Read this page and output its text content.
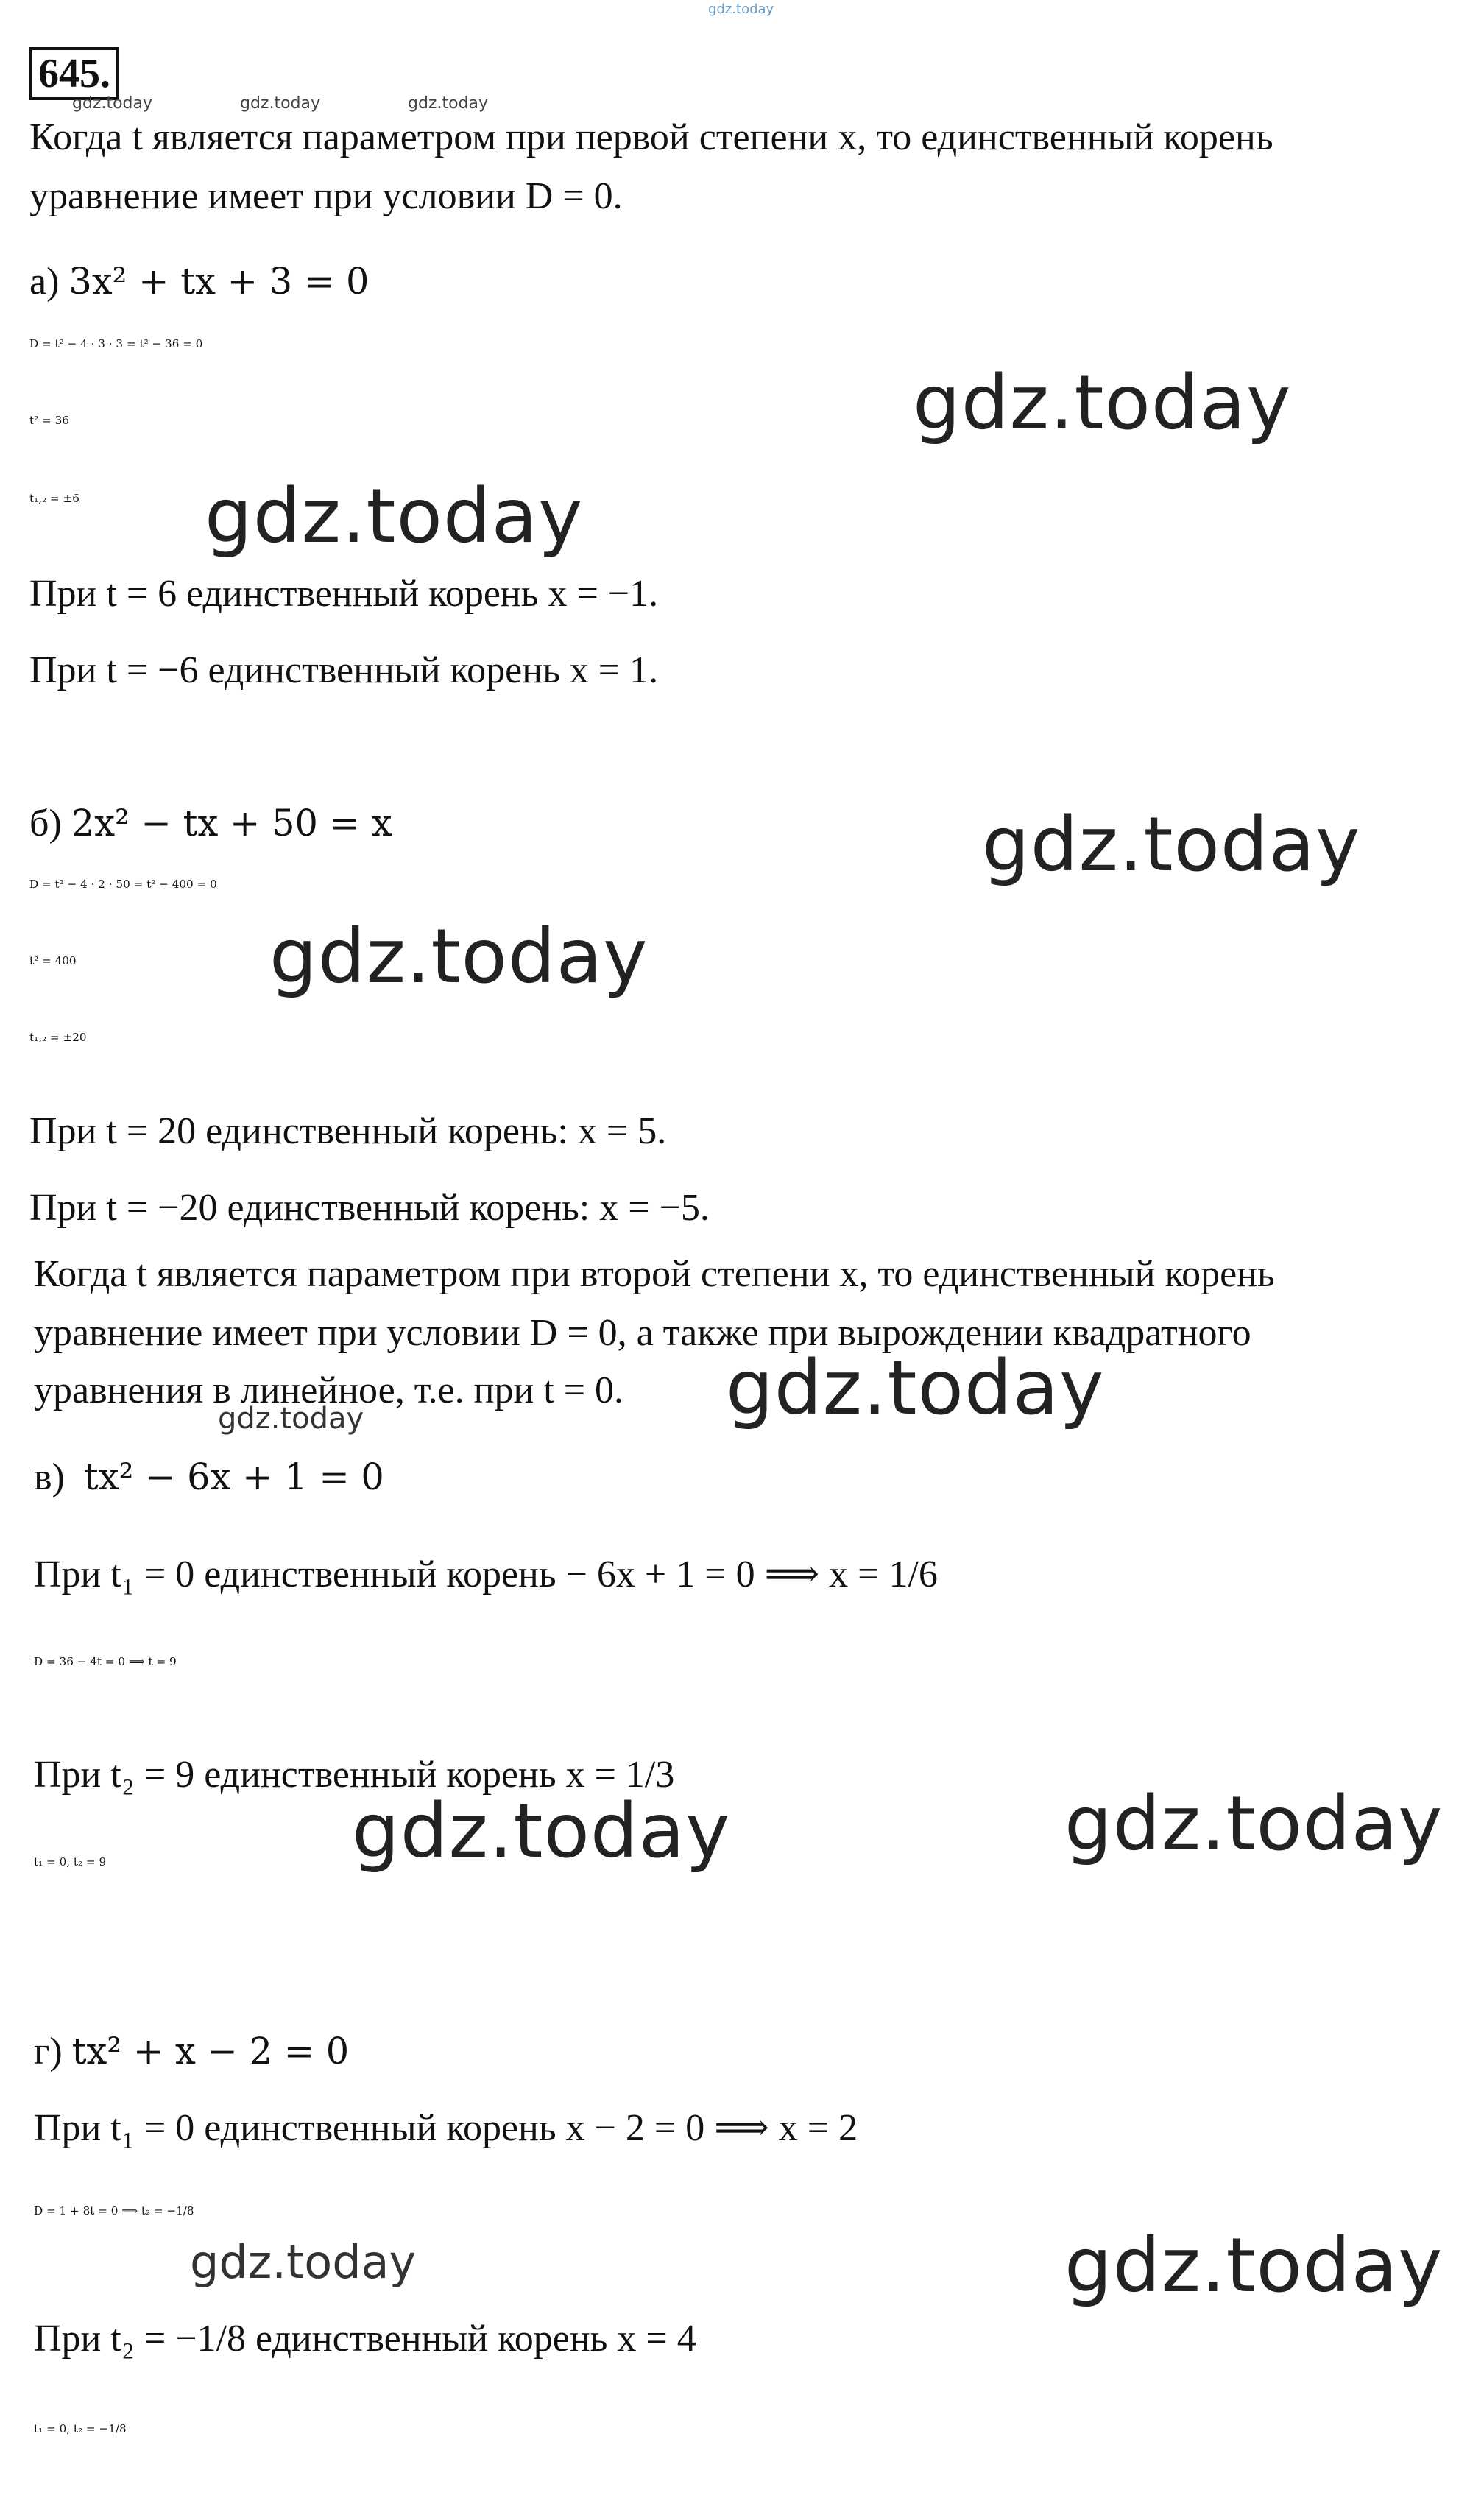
gdz.today
645.
gdz.today	gdz.today	gdz.today
Когда t является параметром при первой степени x, то единственный корень
уравнение имеет при условии D = 0.
а) 3x² + tx + 3 = 0
D = t² − 4 · 3 · 3 = t² − 36 = 0
t² = 36
t₁,₂ = ±6
При t = 6 единственный корень x = −1.
При t = −6 единственный корень x = 1.
gdz.today
gdz.today
б) 2x² − tx + 50 = x
D = t² − 4 · 2 · 50 = t² − 400 = 0
t² = 400
t₁,₂ = ±20
При t = 20 единственный корень: x = 5.
При t = −20 единственный корень: x = −5.
gdz.today
gdz.today
Когда t является параметром при второй степени x, то единственный корень
уравнение имеет при условии D = 0, а также при вырождении квадратного
уравнения в линейное, т.е. при t = 0. gdz.today
gdz.today
в) tx² − 6x + 1 = 0
При t₁ = 0 единственный корень − 6x + 1 = 0 ⟹ x = 1/6
D = 36 − 4t = 0 ⟹ t = 9
При t₂ = 9 единственный корень x = 1/3
t₁ = 0, t₂ = 9	gdz.today	gdz.today
г) tx² + x − 2 = 0
При t₁ = 0 единственный корень x − 2 = 0 ⟹ x = 2
D = 1 + 8t = 0 ⟹ t₂ = −1/8
При t₂ = −1/8 единственный корень x = 4
t₁ = 0, t₂ = −1/8
gdz.today	gdz.today
